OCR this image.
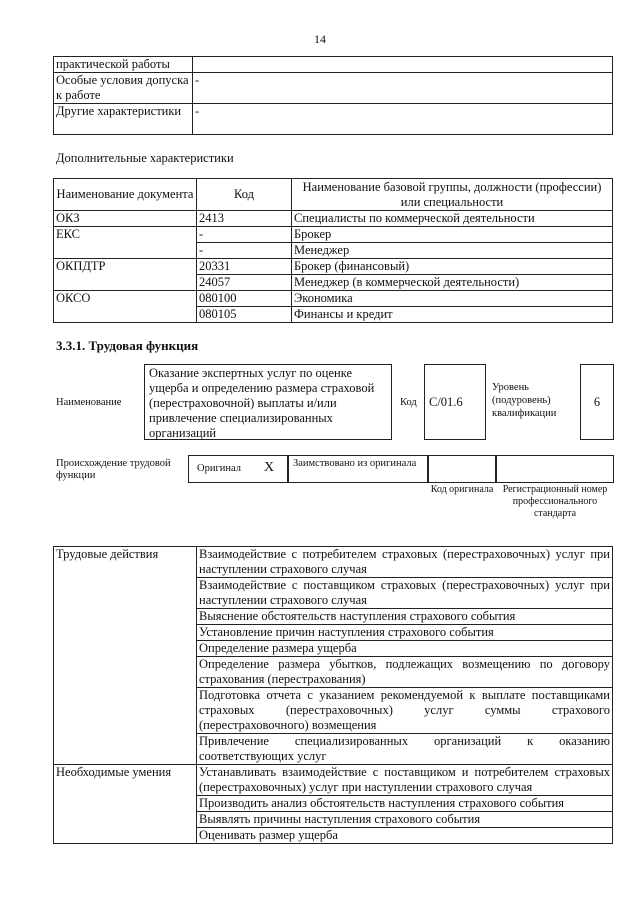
14
практической работы	
Особые условия допуска к работе	-
Другие характеристики	-
Дополнительные характеристики
Наименование документа	Код	Наименование базовой группы, должности (профессии) или специальности
ОКЗ	2413	Специалисты по коммерческой деятельности
ЕКС	-	Брокер
	-	Менеджер
ОКПДТР	20331	Брокер (финансовый)
	24057	Менеджер (в коммерческой деятельности)
ОКСО	080100	Экономика
	080105	Финансы и кредит
3.3.1. Трудовая функция
Наименование
Оказание экспертных услуг по оценке ущерба и определению размера страховой (перестраховочной) выплаты и/или привлечение специализированных организаций
Код C/01.6
Уровень (подуровень) квалификации
6
Происхождение трудовой функции
Оригинал X Заимствовано из оригинала
Код оригинала Регистрационный номер профессионального стандарта
Трудовые действия	Взаимодействие с потребителем страховых (перестраховочных) услуг при наступлении страхового случая
	Взаимодействие с поставщиком страховых (перестраховочных) услуг при наступлении страхового случая
	Выяснение обстоятельств наступления страхового события
	Установление причин наступления страхового события
	Определение размера ущерба
	Определение размера убытков, подлежащих возмещению по договору страхования (перестрахования)
	Подготовка отчета с указанием рекомендуемой к выплате поставщиками страховых (перестраховочных) услуг суммы страхового (перестраховочного) возмещения
	Привлечение специализированных организаций к оказанию соответствующих услуг
Необходимые умения	Устанавливать взаимодействие с поставщиком и потребителем страховых (перестраховочных) услуг при наступлении страхового случая
	Производить анализ обстоятельств наступления страхового события
	Выявлять причины наступления страхового события
	Оценивать размер ущерба
